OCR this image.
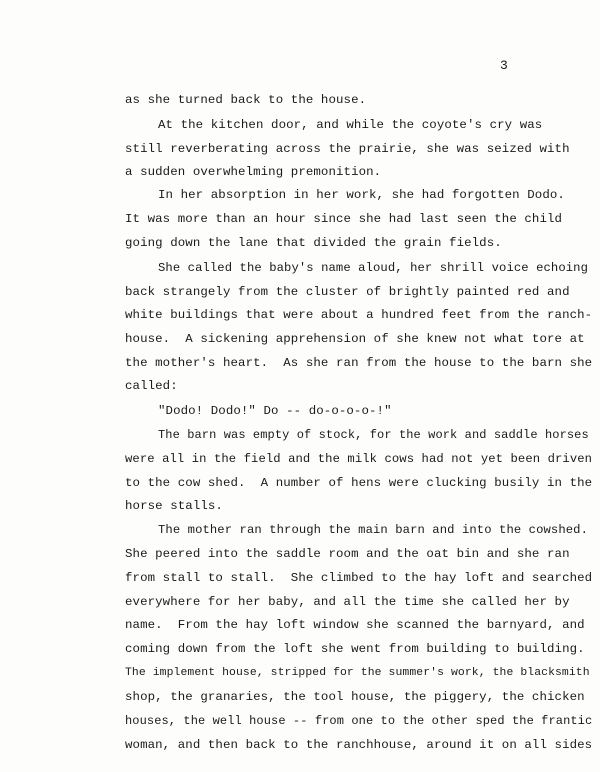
3
as she turned back to the house.
At the kitchen door, and while the coyote's cry was
still reverberating across the prairie, she was seized with
a sudden overwhelming premonition.
In her absorption in her work, she had forgotten Dodo.
It was more than an hour since she had last seen the child
going down the lane that divided the grain fields.
She called the baby's name aloud, her shrill voice echoing
back strangely from the cluster of brightly painted red and
white buildings that were about a hundred feet from the ranch-
house.  A sickening apprehension of she knew not what tore at
the mother's heart.  As she ran from the house to the barn she
called:
"Dodo! Dodo!" Do -- do-o-o-o-!"
The barn was empty of stock, for the work and saddle horses
were all in the field and the milk cows had not yet been driven
to the cow shed.  A number of hens were clucking busily in the
horse stalls.
The mother ran through the main barn and into the cowshed.
She peered into the saddle room and the oat bin and she ran
from stall to stall.  She climbed to the hay loft and searched
everywhere for her baby, and all the time she called her by
name.  From the hay loft window she scanned the barnyard, and
coming down from the loft she went from building to building.
The implement house, stripped for the summer's work, the blacksmith
shop, the granaries, the tool house, the piggery, the chicken
houses, the well house -- from one to the other sped the frantic
woman, and then back to the ranchhouse, around it on all sides
